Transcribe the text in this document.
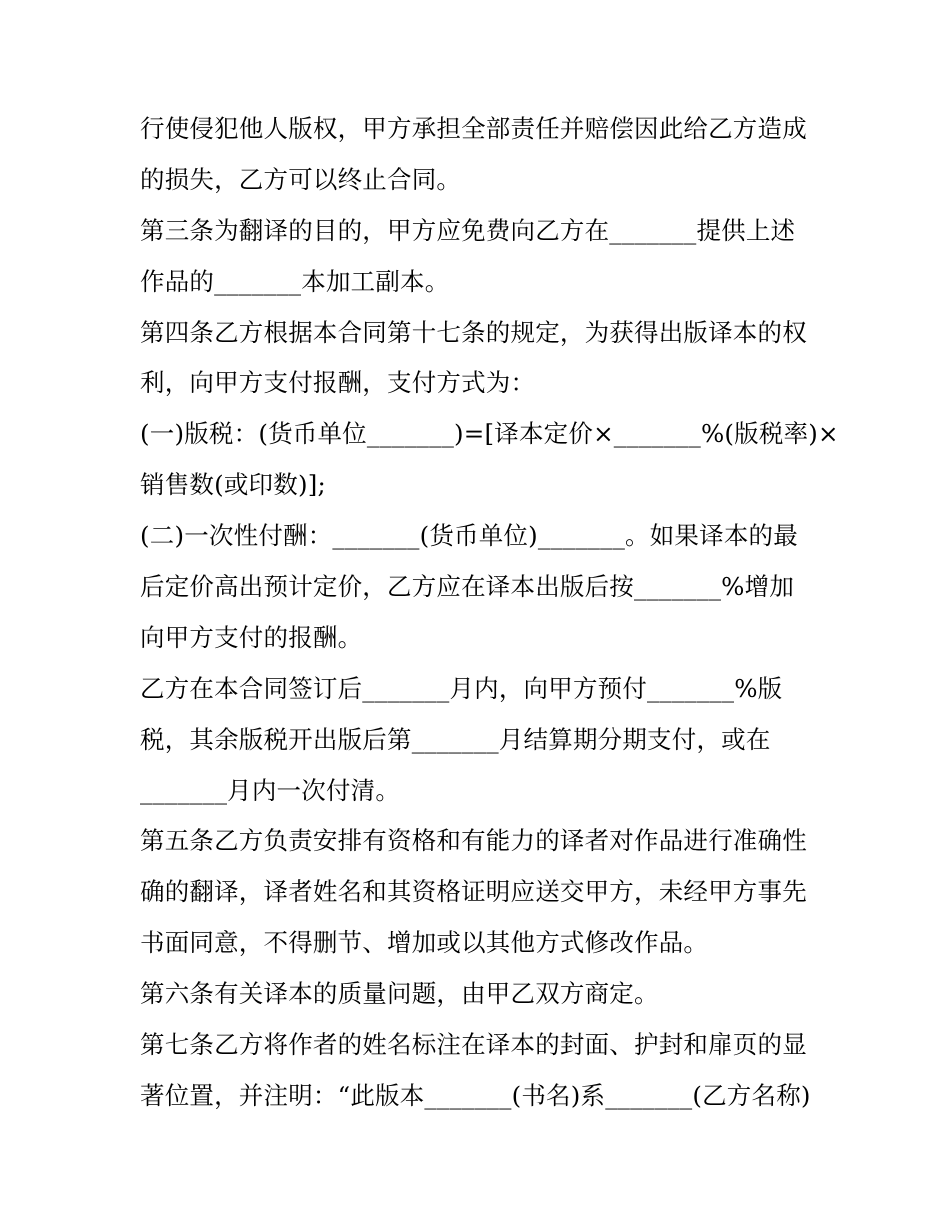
行使侵犯他人版权，甲方承担全部责任并赔偿因此给乙方造成
的损失，乙方可以终止合同。
第三条为翻译的目的，甲方应免费向乙方在_______提供上述
作品的_______本加工副本。
第四条乙方根据本合同第十七条的规定，为获得出版译本的权
利，向甲方支付报酬，支付方式为：
(一)版税：(货币单位_______)=[译本定价×_______%(版税率)×
销售数(或印数)];
(二)一次性付酬：_______(货币单位)_______。如果译本的最
后定价高出预计定价，乙方应在译本出版后按_______%增加
向甲方支付的报酬。
乙方在本合同签订后_______月内，向甲方预付_______%版
税，其余版税开出版后第_______月结算期分期支付，或在
_______月内一次付清。
第五条乙方负责安排有资格和有能力的译者对作品进行准确性
确的翻译，译者姓名和其资格证明应送交甲方，未经甲方事先
书面同意，不得删节、增加或以其他方式修改作品。
第六条有关译本的质量问题，由甲乙双方商定。
第七条乙方将作者的姓名标注在译本的封面、护封和扉页的显
著位置，并注明：“此版本_______(书名)系_______(乙方名称)
